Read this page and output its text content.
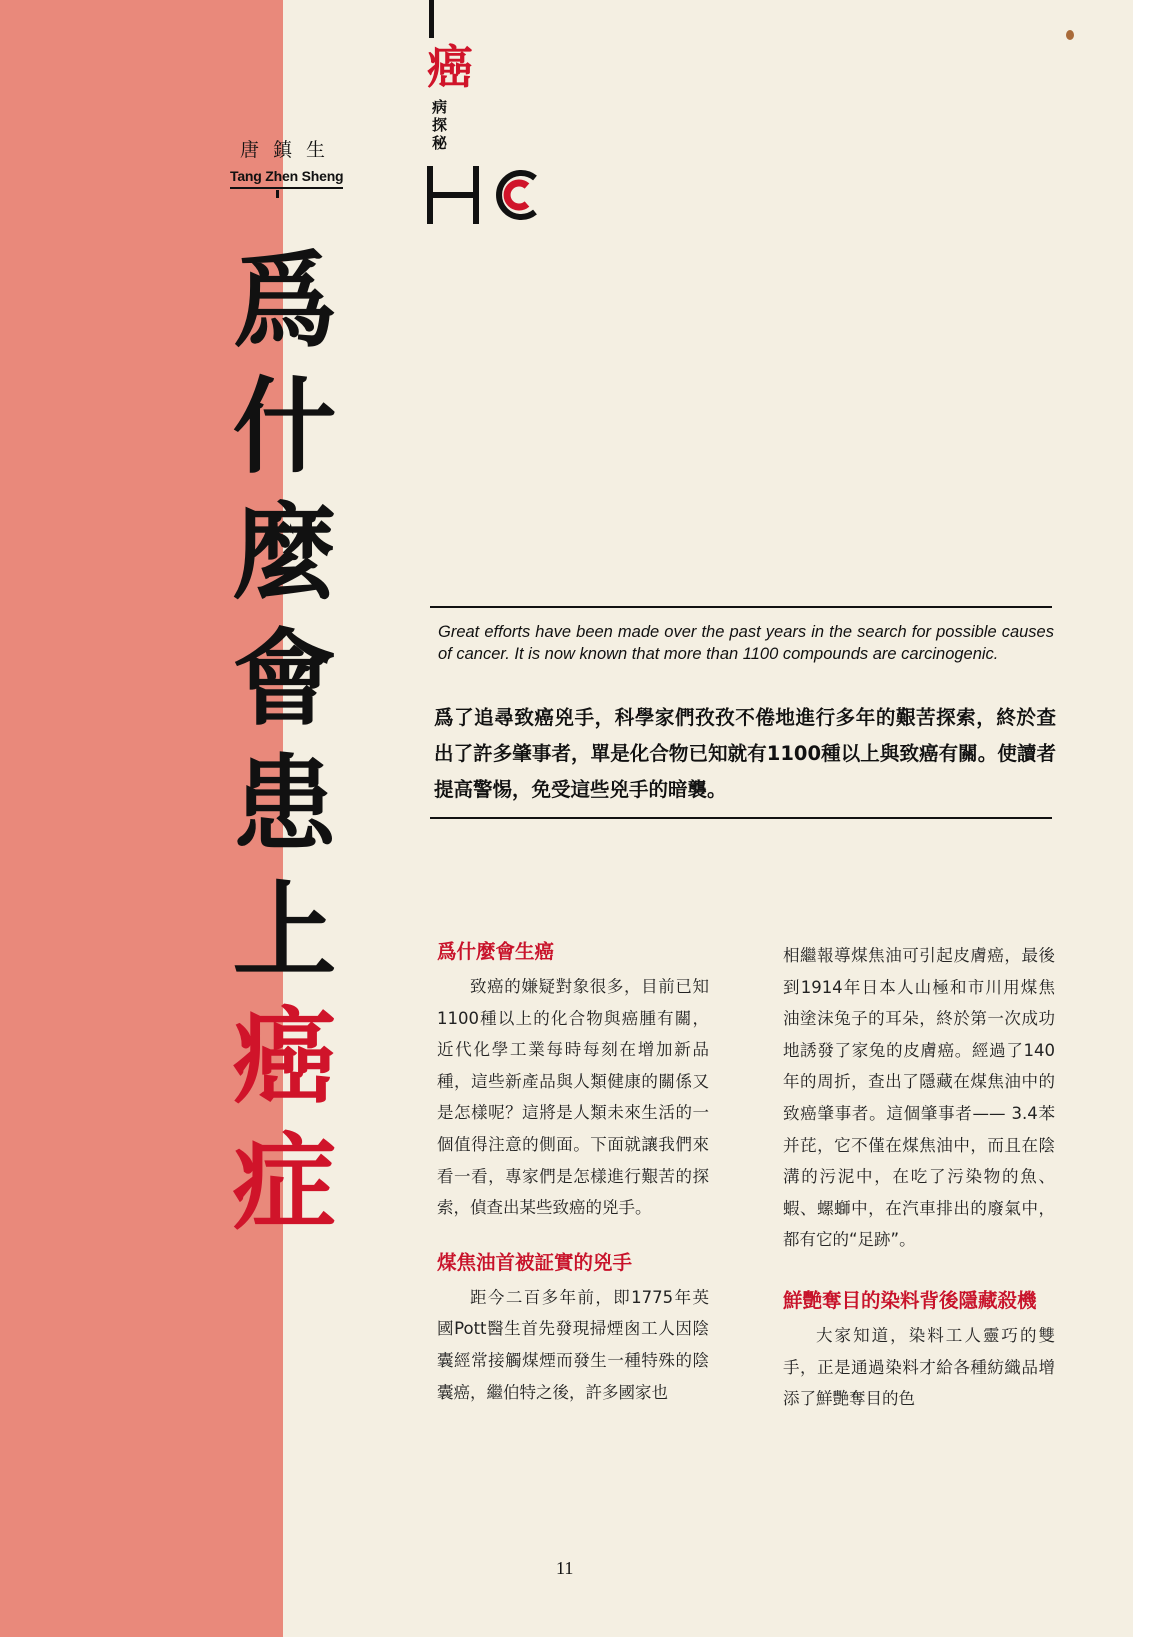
唐鎮生
Tang Zhen Sheng
爲
什
麼
會
患
上
癌
症
癌
病探秘
Great efforts have been made over the past years in the search for possible causes of cancer. It is now known that more than 1100 compounds are carcinogenic.
爲了追尋致癌兇手，科學家們孜孜不倦地進行多年的艱苦探索，終於查出了許多肇事者，單是化合物已知就有1100種以上與致癌有關。使讀者提高警惕，免受這些兇手的暗襲。
爲什麼會生癌

致癌的嫌疑對象很多，目前已知1100種以上的化合物與癌腫有關，近代化學工業每時每刻在增加新品種，這些新產品與人類健康的關係又是怎樣呢？這將是人類未來生活的一個值得注意的側面。下面就讓我們來看一看，專家們是怎樣進行艱苦的探索，偵查出某些致癌的兇手。

煤焦油首被証實的兇手

距今二百多年前，即1775年英國Pott醫生首先發現掃煙囪工人因陰囊經常接觸煤煙而發生一種特殊的陰囊癌，繼伯特之後，許多國家也

相繼報導煤焦油可引起皮膚癌，最後到1914年日本人山極和市川用煤焦油塗沫兔子的耳朵，終於第一次成功地誘發了家兔的皮膚癌。經過了140年的周折，查出了隱藏在煤焦油中的致癌肇事者。這個肇事者—— 3.4苯并芘，它不僅在煤焦油中，而且在陰溝的污泥中，在吃了污染物的魚、蝦、螺螄中，在汽車排出的廢氣中，都有它的“足跡”。

鮮艷奪目的染料背後隱藏殺機

大家知道，染料工人靈巧的雙手，正是通過染料才給各種紡織品增添了鮮艷奪目的色

11
